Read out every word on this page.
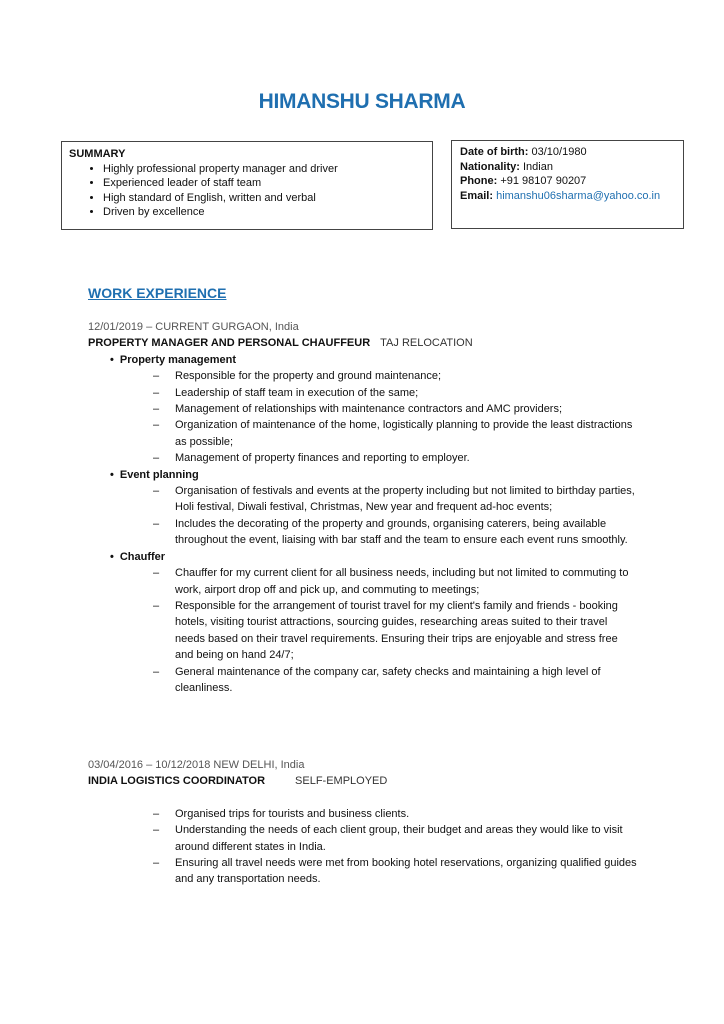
HIMANSHU SHARMA
SUMMARY
• Highly professional property manager and driver
• Experienced leader of staff team
• High standard of English, written and verbal
• Driven by excellence
Date of birth: 03/10/1980
Nationality: Indian
Phone: +91 98107 90207
Email: himanshu06sharma@yahoo.co.in
WORK EXPERIENCE
12/01/2019 – CURRENT GURGAON, India
PROPERTY MANAGER AND PERSONAL CHAUFFEUR TAJ RELOCATION
• Property management
– Responsible for the property and ground maintenance;
– Leadership of staff team in execution of the same;
– Management of relationships with maintenance contractors and AMC providers;
– Organization of maintenance of the home, logistically planning to provide the least distractions as possible;
– Management of property finances and reporting to employer.
• Event planning
– Organisation of festivals and events at the property including but not limited to birthday parties, Holi festival, Diwali festival, Christmas, New year and frequent ad-hoc events;
– Includes the decorating of the property and grounds, organising caterers, being available throughout the event, liaising with bar staff and the team to ensure each event runs smoothly.
• Chauffer
– Chauffer for my current client for all business needs, including but not limited to commuting to work, airport drop off and pick up, and commuting to meetings;
– Responsible for the arrangement of tourist travel for my client's family and friends - booking hotels, visiting tourist attractions, sourcing guides, researching areas suited to their travel needs based on their travel requirements. Ensuring their trips are enjoyable and stress free and being on hand 24/7;
– General maintenance of the company car, safety checks and maintaining a high level of cleanliness.
03/04/2016 – 10/12/2018 NEW DELHI, India
INDIA LOGISTICS COORDINATOR	SELF-EMPLOYED
– Organised trips for tourists and business clients.
– Understanding the needs of each client group, their budget and areas they would like to visit around different states in India.
– Ensuring all travel needs were met from booking hotel reservations, organizing qualified guides and any transportation needs.
